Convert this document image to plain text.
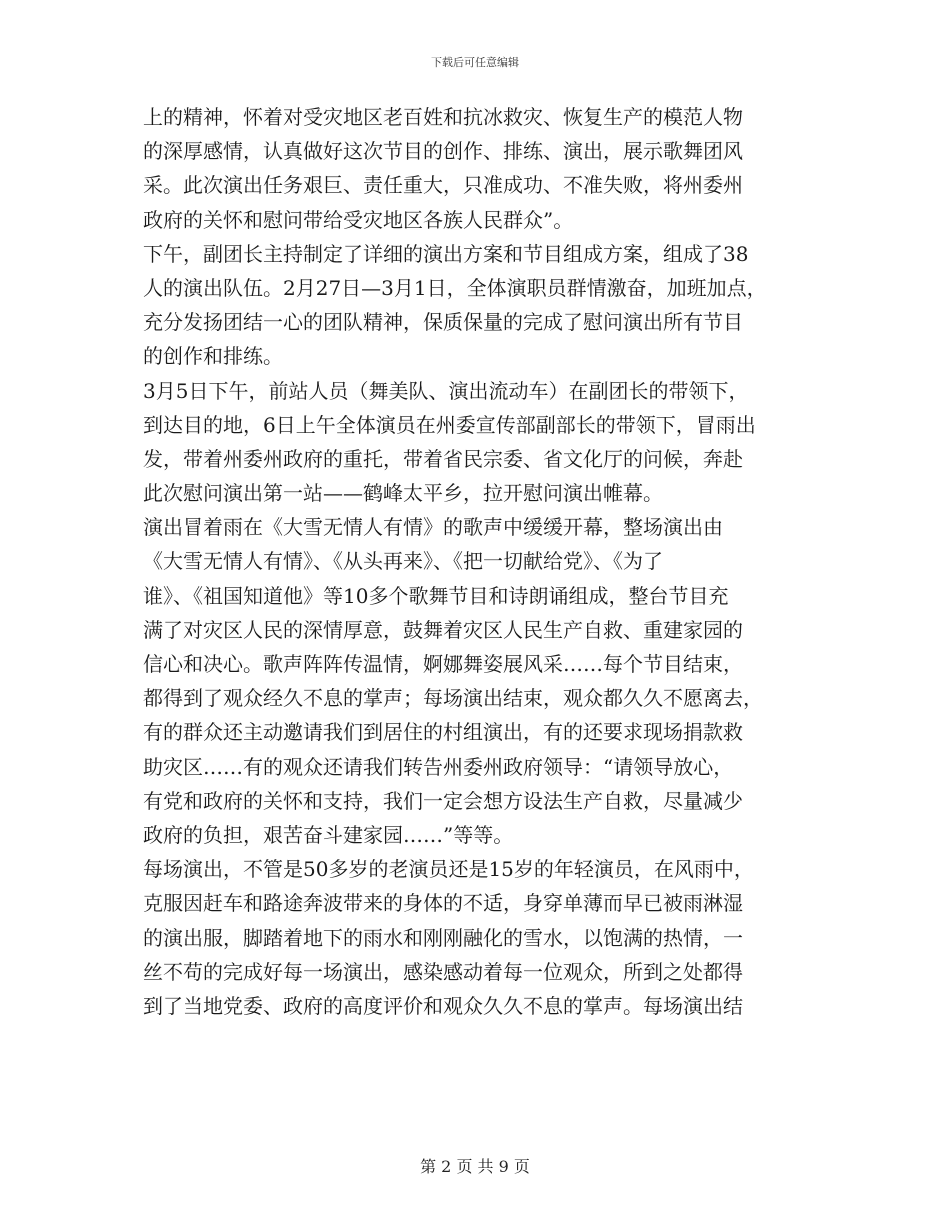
下载后可任意编辑
上的精神，怀着对受灾地区老百姓和抗冰救灾、恢复生产的模范人物
的深厚感情，认真做好这次节目的创作、排练、演出，展示歌舞团风
采。此次演出任务艰巨、责任重大，只准成功、不准失败，将州委州
政府的关怀和慰问带给受灾地区各族人民群众”。
下午，副团长主持制定了详细的演出方案和节目组成方案，组成了38
人的演出队伍。2月27日—3月1日，全体演职员群情激奋，加班加点，
充分发扬团结一心的团队精神，保质保量的完成了慰问演出所有节目
的创作和排练。
3月5日下午，前站人员（舞美队、演出流动车）在副团长的带领下，
到达目的地，6日上午全体演员在州委宣传部副部长的带领下，冒雨出
发，带着州委州政府的重托，带着省民宗委、省文化厅的问候，奔赴
此次慰问演出第一站——鹤峰太平乡，拉开慰问演出帷幕。
演出冒着雨在《大雪无情人有情》的歌声中缓缓开幕，整场演出由
《大雪无情人有情》、《从头再来》、《把一切献给党》、《为了
谁》、《祖国知道他》等10多个歌舞节目和诗朗诵组成，整台节目充
满了对灾区人民的深情厚意，鼓舞着灾区人民生产自救、重建家园的
信心和决心。歌声阵阵传温情，婀娜舞姿展风采……每个节目结束，
都得到了观众经久不息的掌声；每场演出结束，观众都久久不愿离去，
有的群众还主动邀请我们到居住的村组演出，有的还要求现场捐款救
助灾区……有的观众还请我们转告州委州政府领导：“请领导放心，
有党和政府的关怀和支持，我们一定会想方设法生产自救，尽量减少
政府的负担，艰苦奋斗建家园……”等等。
每场演出，不管是50多岁的老演员还是15岁的年轻演员，在风雨中，
克服因赶车和路途奔波带来的身体的不适，身穿单薄而早已被雨淋湿
的演出服，脚踏着地下的雨水和刚刚融化的雪水，以饱满的热情，一
丝不苟的完成好每一场演出，感染感动着每一位观众，所到之处都得
到了当地党委、政府的高度评价和观众久久不息的掌声。每场演出结
第 2 页 共 9 页
